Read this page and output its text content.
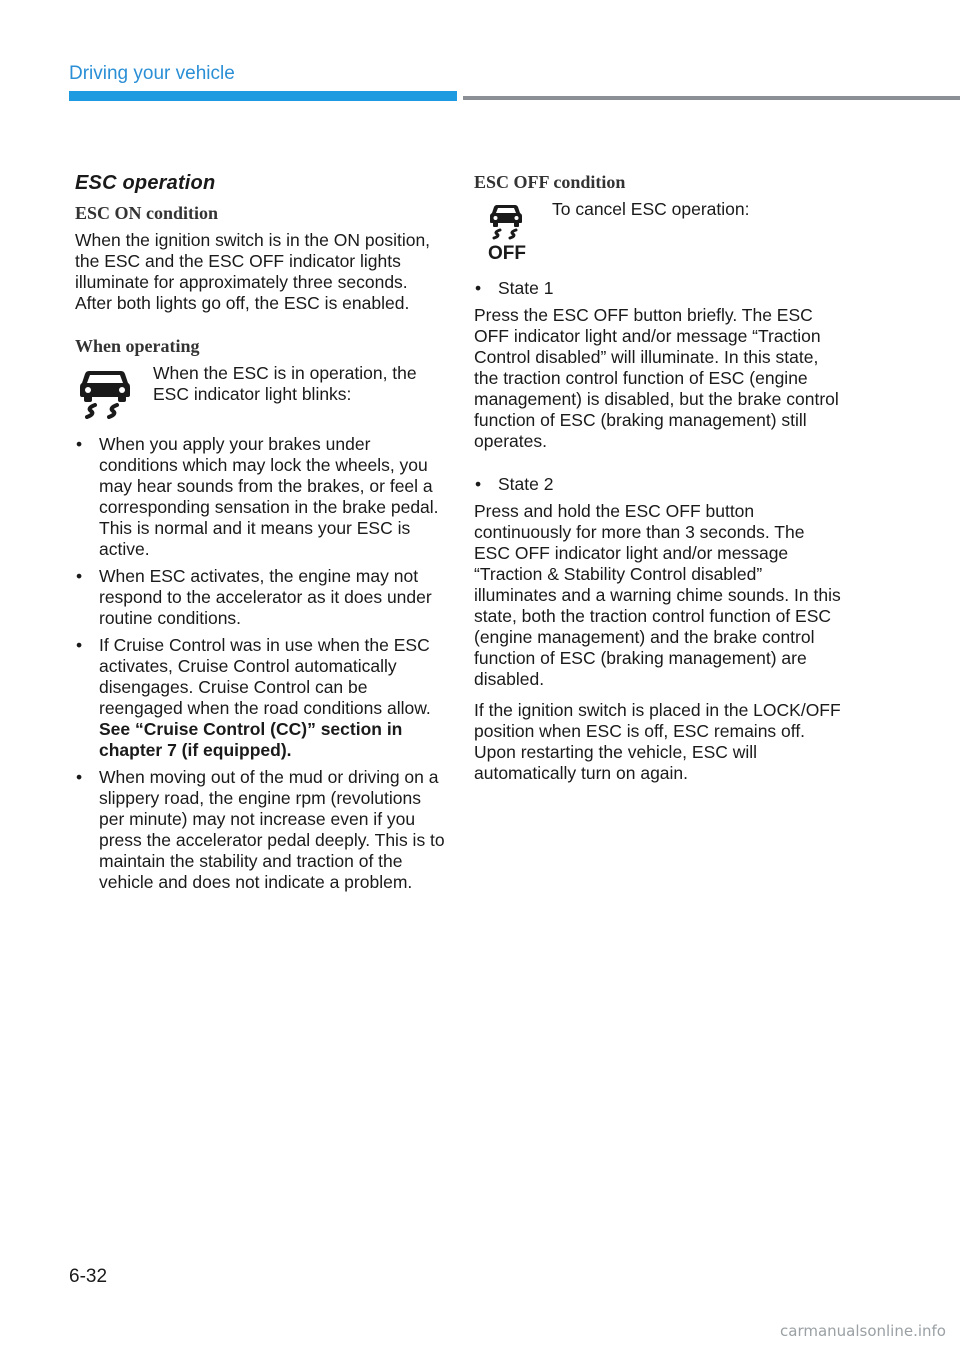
Driving your vehicle
ESC operation
ESC ON condition

When the ignition switch is in the ON position, the ESC and the ESC OFF indicator lights illuminate for approximately three seconds. After both lights go off, the ESC is enabled.

When operating

When the ESC is in operation, the ESC indicator light blinks:

• When you apply your brakes under conditions which may lock the wheels, you may hear sounds from the brakes, or feel a corresponding sensation in the brake pedal. This is normal and it means your ESC is active.
• When ESC activates, the engine may not respond to the accelerator as it does under routine conditions.
• If Cruise Control was in use when the ESC activates, Cruise Control automatically disengages. Cruise Control can be reengaged when the road conditions allow. See “Cruise Control (CC)” section in chapter 7 (if equipped).
• When moving out of the mud or driving on a slippery road, the engine rpm (revolutions per minute) may not increase even if you press the accelerator pedal deeply. This is to maintain the stability and traction of the vehicle and does not indicate a problem.
ESC OFF condition
OFF

To cancel ESC operation:

• State 1

Press the ESC OFF button briefly. The ESC OFF indicator light and/or message “Traction Control disabled” will illuminate. In this state, the traction control function of ESC (engine management) is disabled, but the brake control function of ESC (braking management) still operates.

• State 2

Press and hold the ESC OFF button continuously for more than 3 seconds. The ESC OFF indicator light and/or message “Traction & Stability Control disabled” illuminates and a warning chime sounds. In this state, both the traction control function of ESC (engine management) and the brake control function of ESC (braking management) are disabled.

If the ignition switch is placed in the LOCK/OFF position when ESC is off, ESC remains off. Upon restarting the vehicle, ESC will automatically turn on again.

6-32
carmanualsonline.info
